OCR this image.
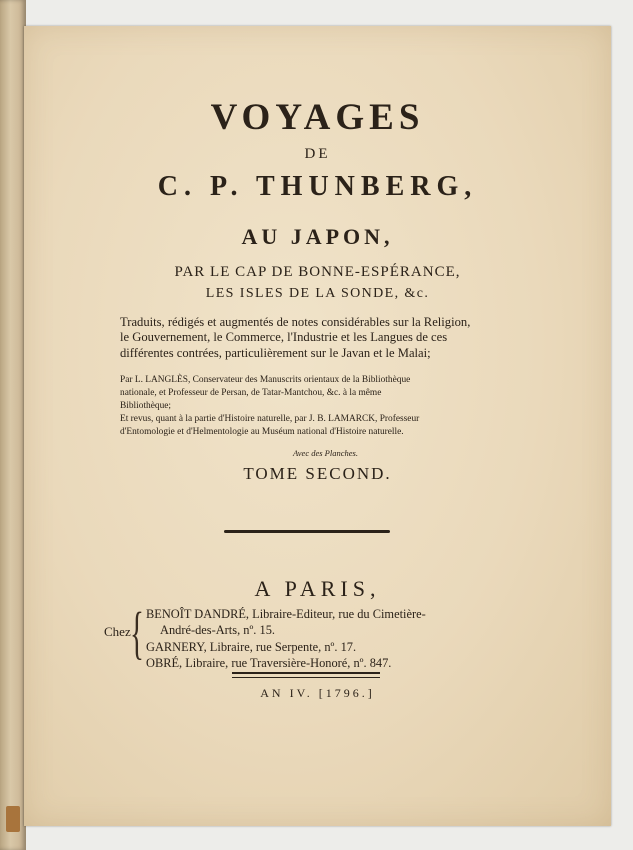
VOYAGES
DE
C. P. THUNBERG,
AU JAPON,
PAR LE CAP DE BONNE-ESPÉRANCE,
LES ISLES DE LA SONDE, &c.
Traduits, rédigés et augmentés de notes considérables sur la Religion,
le Gouvernement, le Commerce, l'Industrie et les Langues de ces
différentes contrées, particulièrement sur le Javan et le Malai;
Par L. LANGLÈS, Conservateur des Manuscrits orientaux de la Bibliothèque
nationale, et Professeur de Persan, de Tatar-Mantchou, &c. à la même
Bibliothèque;
Et revus, quant à la partie d'Histoire naturelle, par J. B. LAMARCK, Professeur
d'Entomologie et d'Helmentologie au Muséum national d'Histoire naturelle.
Avec des Planches.
TOME SECOND.
A PARIS,
Chez { BENOÎT DANDRÉ, Libraire-Editeur, rue du Cimetière-
André-des-Arts, nº. 15.
GARNERY, Libraire, rue Serpente, nº. 17.
OBRÉ, Libraire, rue Traversière-Honoré, nº. 847.
AN IV. [1796.]
